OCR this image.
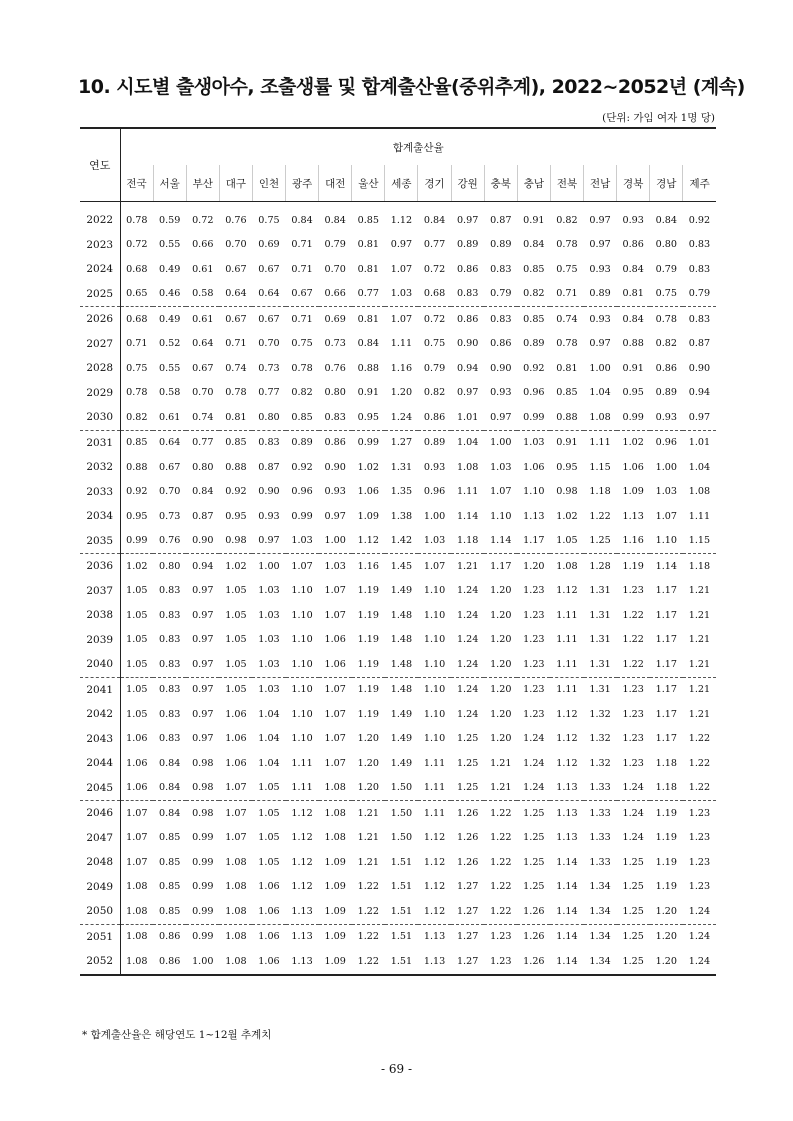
10. 시도별 출생아수, 조출생률 및 합계출산율(중위추계), 2022~2052년 (계속)
(단위: 가임 여자 1명 당)
연도	합계출산율																	
	전국	서울	부산	대구	인천	광주	대전	울산	세종	경기	강원	충북	충남	전북	전남	경북	경남	제주
2022	0.78	0.59	0.72	0.76	0.75	0.84	0.84	0.85	1.12	0.84	0.97	0.87	0.91	0.82	0.97	0.93	0.84	0.92
2023	0.72	0.55	0.66	0.70	0.69	0.71	0.79	0.81	0.97	0.77	0.89	0.89	0.84	0.78	0.97	0.86	0.80	0.83
2024	0.68	0.49	0.61	0.67	0.67	0.71	0.70	0.81	1.07	0.72	0.86	0.83	0.85	0.75	0.93	0.84	0.79	0.83
2025	0.65	0.46	0.58	0.64	0.64	0.67	0.66	0.77	1.03	0.68	0.83	0.79	0.82	0.71	0.89	0.81	0.75	0.79
2026	0.68	0.49	0.61	0.67	0.67	0.71	0.69	0.81	1.07	0.72	0.86	0.83	0.85	0.74	0.93	0.84	0.78	0.83
2027	0.71	0.52	0.64	0.71	0.70	0.75	0.73	0.84	1.11	0.75	0.90	0.86	0.89	0.78	0.97	0.88	0.82	0.87
2028	0.75	0.55	0.67	0.74	0.73	0.78	0.76	0.88	1.16	0.79	0.94	0.90	0.92	0.81	1.00	0.91	0.86	0.90
2029	0.78	0.58	0.70	0.78	0.77	0.82	0.80	0.91	1.20	0.82	0.97	0.93	0.96	0.85	1.04	0.95	0.89	0.94
2030	0.82	0.61	0.74	0.81	0.80	0.85	0.83	0.95	1.24	0.86	1.01	0.97	0.99	0.88	1.08	0.99	0.93	0.97
2031	0.85	0.64	0.77	0.85	0.83	0.89	0.86	0.99	1.27	0.89	1.04	1.00	1.03	0.91	1.11	1.02	0.96	1.01
2032	0.88	0.67	0.80	0.88	0.87	0.92	0.90	1.02	1.31	0.93	1.08	1.03	1.06	0.95	1.15	1.06	1.00	1.04
2033	0.92	0.70	0.84	0.92	0.90	0.96	0.93	1.06	1.35	0.96	1.11	1.07	1.10	0.98	1.18	1.09	1.03	1.08
2034	0.95	0.73	0.87	0.95	0.93	0.99	0.97	1.09	1.38	1.00	1.14	1.10	1.13	1.02	1.22	1.13	1.07	1.11
2035	0.99	0.76	0.90	0.98	0.97	1.03	1.00	1.12	1.42	1.03	1.18	1.14	1.17	1.05	1.25	1.16	1.10	1.15
2036	1.02	0.80	0.94	1.02	1.00	1.07	1.03	1.16	1.45	1.07	1.21	1.17	1.20	1.08	1.28	1.19	1.14	1.18
2037	1.05	0.83	0.97	1.05	1.03	1.10	1.07	1.19	1.49	1.10	1.24	1.20	1.23	1.12	1.31	1.23	1.17	1.21
2038	1.05	0.83	0.97	1.05	1.03	1.10	1.07	1.19	1.48	1.10	1.24	1.20	1.23	1.11	1.31	1.22	1.17	1.21
2039	1.05	0.83	0.97	1.05	1.03	1.10	1.06	1.19	1.48	1.10	1.24	1.20	1.23	1.11	1.31	1.22	1.17	1.21
2040	1.05	0.83	0.97	1.05	1.03	1.10	1.06	1.19	1.48	1.10	1.24	1.20	1.23	1.11	1.31	1.22	1.17	1.21
2041	1.05	0.83	0.97	1.05	1.03	1.10	1.07	1.19	1.48	1.10	1.24	1.20	1.23	1.11	1.31	1.23	1.17	1.21
2042	1.05	0.83	0.97	1.06	1.04	1.10	1.07	1.19	1.49	1.10	1.24	1.20	1.23	1.12	1.32	1.23	1.17	1.21
2043	1.06	0.83	0.97	1.06	1.04	1.10	1.07	1.20	1.49	1.10	1.25	1.20	1.24	1.12	1.32	1.23	1.17	1.22
2044	1.06	0.84	0.98	1.06	1.04	1.11	1.07	1.20	1.49	1.11	1.25	1.21	1.24	1.12	1.32	1.23	1.18	1.22
2045	1.06	0.84	0.98	1.07	1.05	1.11	1.08	1.20	1.50	1.11	1.25	1.21	1.24	1.13	1.33	1.24	1.18	1.22
2046	1.07	0.84	0.98	1.07	1.05	1.12	1.08	1.21	1.50	1.11	1.26	1.22	1.25	1.13	1.33	1.24	1.19	1.23
2047	1.07	0.85	0.99	1.07	1.05	1.12	1.08	1.21	1.50	1.12	1.26	1.22	1.25	1.13	1.33	1.24	1.19	1.23
2048	1.07	0.85	0.99	1.08	1.05	1.12	1.09	1.21	1.51	1.12	1.26	1.22	1.25	1.14	1.33	1.25	1.19	1.23
2049	1.08	0.85	0.99	1.08	1.06	1.12	1.09	1.22	1.51	1.12	1.27	1.22	1.25	1.14	1.34	1.25	1.19	1.23
2050	1.08	0.85	0.99	1.08	1.06	1.13	1.09	1.22	1.51	1.12	1.27	1.22	1.26	1.14	1.34	1.25	1.20	1.24
2051	1.08	0.86	0.99	1.08	1.06	1.13	1.09	1.22	1.51	1.13	1.27	1.23	1.26	1.14	1.34	1.25	1.20	1.24
2052	1.08	0.86	1.00	1.08	1.06	1.13	1.09	1.22	1.51	1.13	1.27	1.23	1.26	1.14	1.34	1.25	1.20	1.24
* 합계출산율은 해당연도 1~12월 추계치
- 69 -
